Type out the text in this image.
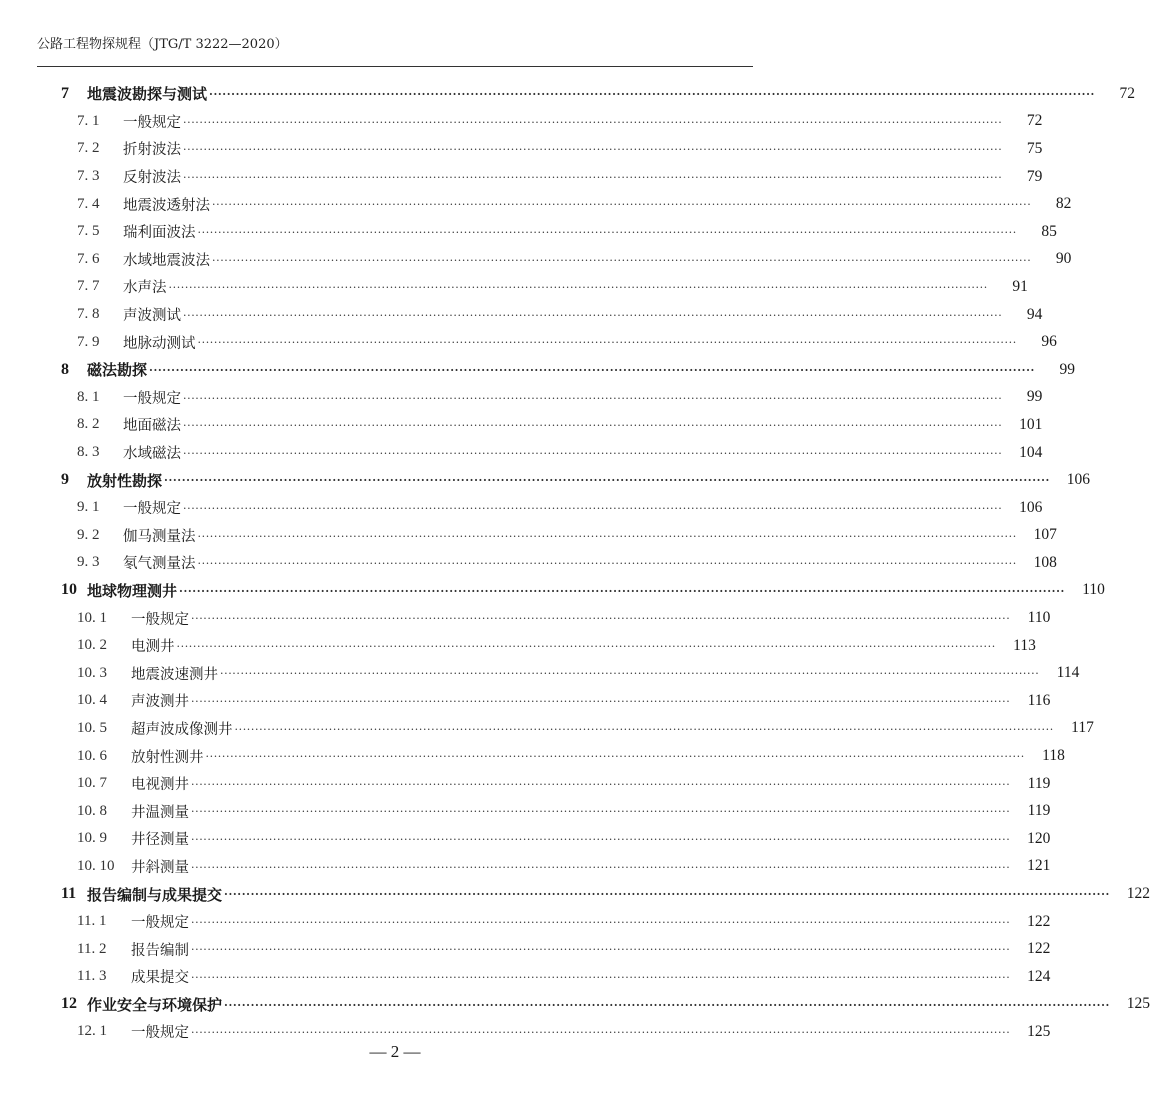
公路工程物探规程（JTG/T 3222—2020）
7	地震波勘探与测试 ········································································································································································································	72
7. 1	一般规定 ········································································································································································································	72
7. 2	折射波法 ········································································································································································································	75
7. 3	反射波法 ········································································································································································································	79
7. 4	地震波透射法 ········································································································································································································	82
7. 5	瑞利面波法 ········································································································································································································	85
7. 6	水域地震波法 ········································································································································································································	90
7. 7	水声法 ········································································································································································································	91
7. 8	声波测试 ········································································································································································································	94
7. 9	地脉动测试 ········································································································································································································	96
8	磁法勘探 ········································································································································································································	99
8. 1	一般规定 ········································································································································································································	99
8. 2	地面磁法 ········································································································································································································	101
8. 3	水域磁法 ········································································································································································································	104
9	放射性勘探 ········································································································································································································	106
9. 1	一般规定 ········································································································································································································	106
9. 2	伽马测量法 ········································································································································································································	107
9. 3	氡气测量法 ········································································································································································································	108
10 地球物理测井 ········································································································································································································	110
10. 1	一般规定 ········································································································································································································	110
10. 2	电测井 ········································································································································································································	113
10. 3	地震波速测井 ········································································································································································································	114
10. 4	声波测井 ········································································································································································································	116
10. 5	超声波成像测井 ········································································································································································································	117
10. 6	放射性测井 ········································································································································································································	118
10. 7	电视测井 ········································································································································································································	119
10. 8	井温测量 ········································································································································································································	119
10. 9	井径测量 ········································································································································································································	120
10. 10	井斜测量 ········································································································································································································	121
11 报告编制与成果提交 ········································································································································································································	122
11. 1	一般规定 ········································································································································································································	122
11. 2	报告编制 ········································································································································································································	122
11. 3	成果提交 ········································································································································································································	124
12 作业安全与环境保护 ········································································································································································································	125
12. 1	一般规定 ········································································································································································································	125
— 2 —
